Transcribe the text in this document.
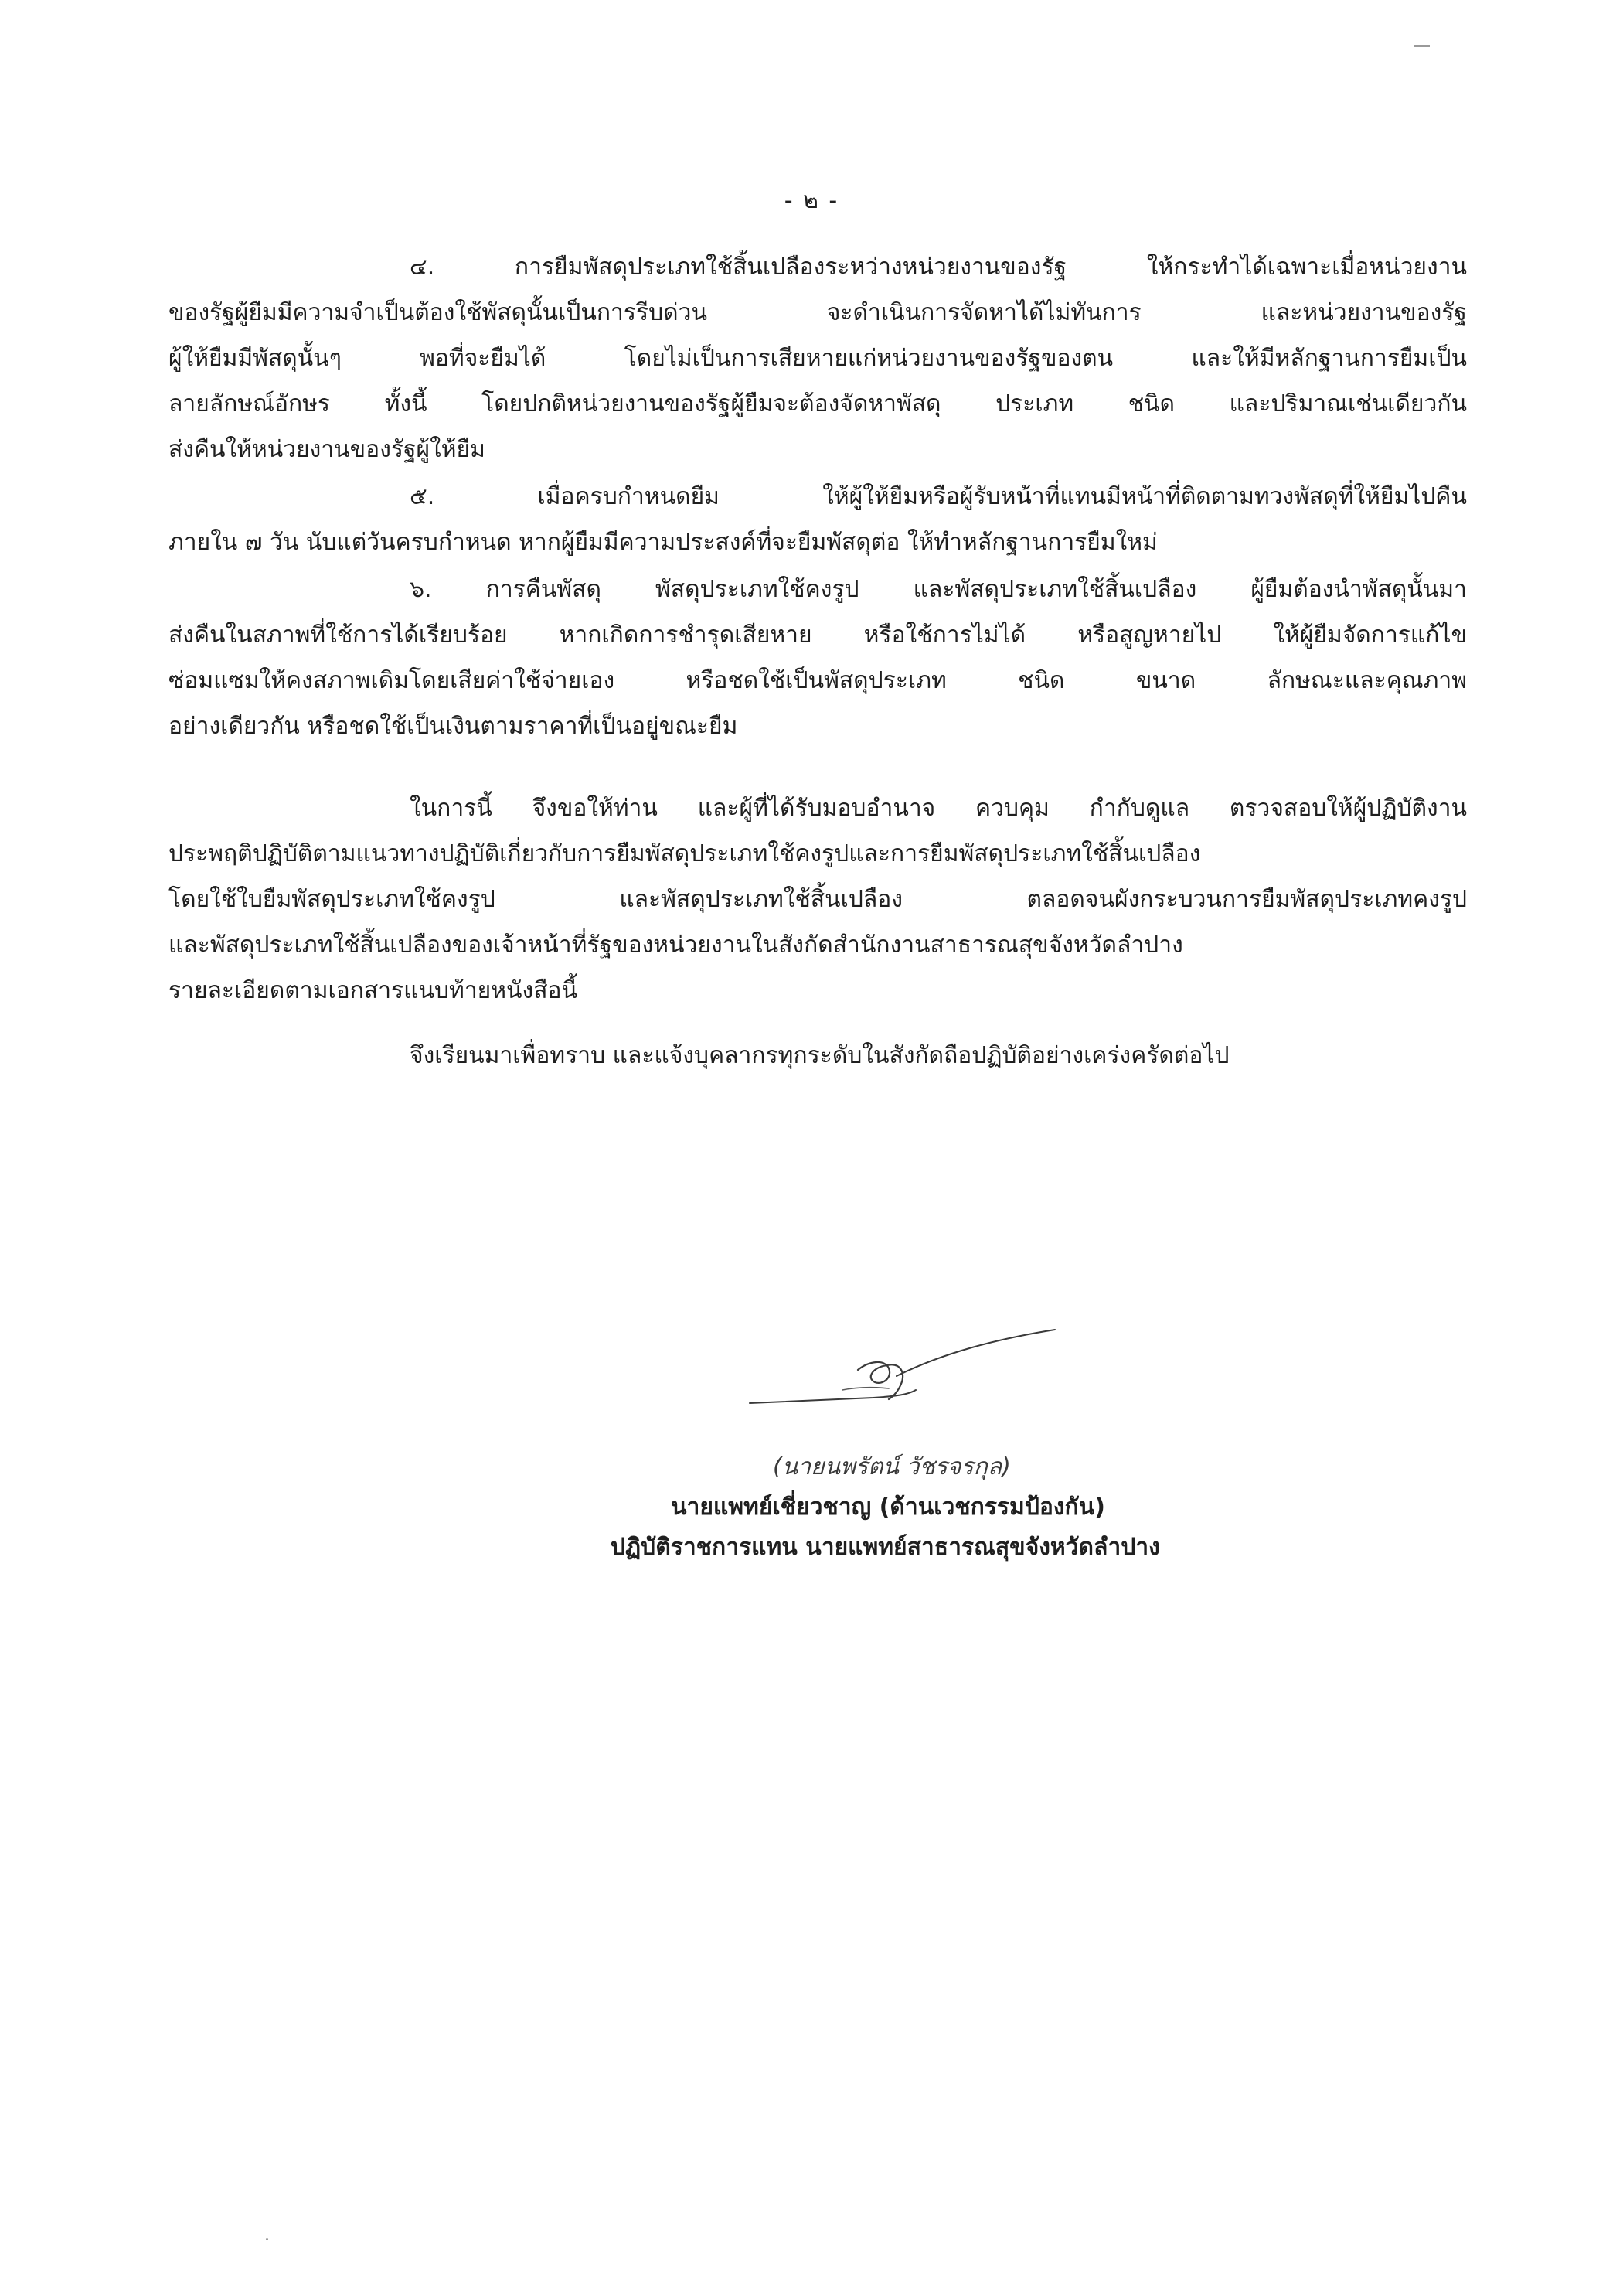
- ๒ -
๔. การยืมพัสดุประเภทใช้สิ้นเปลืองระหว่างหน่วยงานของรัฐ ให้กระทำได้เฉพาะเมื่อหน่วยงาน
ของรัฐผู้ยืมมีความจำเป็นต้องใช้พัสดุนั้นเป็นการรีบด่วน จะดำเนินการจัดหาได้ไม่ทันการ และหน่วยงานของรัฐ
ผู้ให้ยืมมีพัสดุนั้นๆ พอที่จะยืมได้ โดยไม่เป็นการเสียหายแก่หน่วยงานของรัฐของตน และให้มีหลักฐานการยืมเป็น
ลายลักษณ์อักษร ทั้งนี้ โดยปกติหน่วยงานของรัฐผู้ยืมจะต้องจัดหาพัสดุ ประเภท ชนิด และปริมาณเช่นเดียวกัน
ส่งคืนให้หน่วยงานของรัฐผู้ให้ยืม
๕. เมื่อครบกำหนดยืม ให้ผู้ให้ยืมหรือผู้รับหน้าที่แทนมีหน้าที่ติดตามทวงพัสดุที่ให้ยืมไปคืน
ภายใน ๗ วัน นับแต่วันครบกำหนด หากผู้ยืมมีความประสงค์ที่จะยืมพัสดุต่อ ให้ทำหลักฐานการยืมใหม่
๖. การคืนพัสดุ พัสดุประเภทใช้คงรูป และพัสดุประเภทใช้สิ้นเปลือง ผู้ยืมต้องนำพัสดุนั้นมา
ส่งคืนในสภาพที่ใช้การได้เรียบร้อย หากเกิดการชำรุดเสียหาย หรือใช้การไม่ได้ หรือสูญหายไป ให้ผู้ยืมจัดการแก้ไข
ซ่อมแซมให้คงสภาพเดิมโดยเสียค่าใช้จ่ายเอง หรือชดใช้เป็นพัสดุประเภท ชนิด ขนาด ลักษณะและคุณภาพ
อย่างเดียวกัน หรือชดใช้เป็นเงินตามราคาที่เป็นอยู่ขณะยืม
ในการนี้ จึงขอให้ท่าน และผู้ที่ได้รับมอบอำนาจ ควบคุม กำกับดูแล ตรวจสอบให้ผู้ปฏิบัติงาน
ประพฤติปฏิบัติตามแนวทางปฏิบัติเกี่ยวกับการยืมพัสดุประเภทใช้คงรูปและการยืมพัสดุประเภทใช้สิ้นเปลือง
โดยใช้ใบยืมพัสดุประเภทใช้คงรูป และพัสดุประเภทใช้สิ้นเปลือง ตลอดจนผังกระบวนการยืมพัสดุประเภทคงรูป
และพัสดุประเภทใช้สิ้นเปลืองของเจ้าหน้าที่รัฐของหน่วยงานในสังกัดสำนักงานสาธารณสุขจังหวัดลำปาง
รายละเอียดตามเอกสารแนบท้ายหนังสือนี้
จึงเรียนมาเพื่อทราบ และแจ้งบุคลากรทุกระดับในสังกัดถือปฏิบัติอย่างเคร่งครัดต่อไป
(นายนพรัตน์ วัชรจรกุล)
นายแพทย์เชี่ยวชาญ (ด้านเวชกรรมป้องกัน)
ปฏิบัติราชการแทน นายแพทย์สาธารณสุขจังหวัดลำปาง
